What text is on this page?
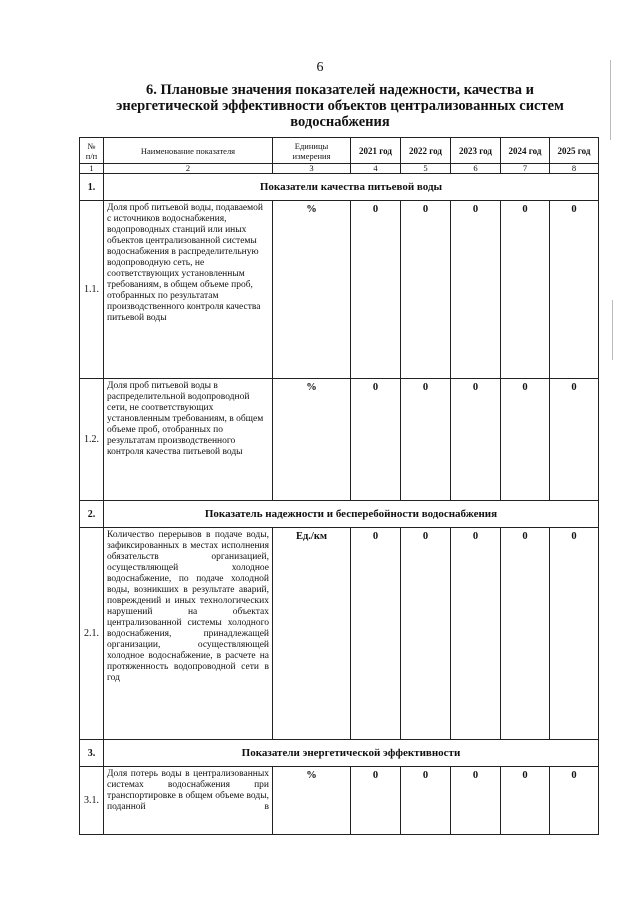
6
6. Плановые значения показателей надежности, качества и энергетической эффективности объектов централизованных систем водоснабжения
№ п/п	Наименование показателя	Единицы измерения	2021 год	2022 год	2023 год	2024 год	2025 год
1	2	3	4	5	6	7	8
1.	Показатели качества питьевой воды						
1.1.	Доля проб питьевой воды, подаваемой с источников водоснабжения, водопроводных станций или иных объектов централизованной системы водоснабжения в распределительную водопроводную сеть, не соответствующих установленным требованиям, в общем объеме проб, отобранных по результатам производственного контроля качества питьевой воды	%	0	0	0	0	0
1.2.	Доля проб питьевой воды в распределительной водопроводной сети, не соответствующих установленным требованиям, в общем объеме проб, отобранных по результатам производственного контроля качества питьевой воды	%	0	0	0	0	0
2.	Показатель надежности и бесперебойности водоснабжения						
2.1.	Количество перерывов в подаче воды, зафиксированных в местах исполнения обязательств организацией, осуществляющей холодное водоснабжение, по подаче холодной воды, возникших в результате аварий, повреждений и иных технологических нарушений на объектах централизованной системы холодного водоснабжения, принадлежащей организации, осуществляющей холодное водоснабжение, в расчете на протяженность водопроводной сети в год	Ед./км	0	0	0	0	0
3.	Показатели энергетической эффективности						
3.1.	Доля потерь воды в централизованных системах водоснабжения при транспортировке в общем объеме воды, поданной в	%	0	0	0	0	0
